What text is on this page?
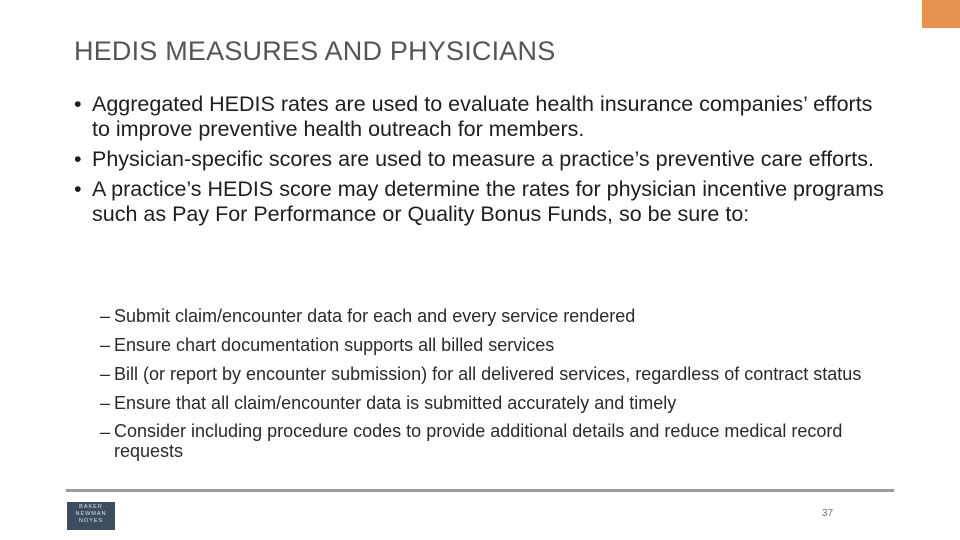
HEDIS MEASURES AND PHYSICIANS
• Aggregated HEDIS rates are used to evaluate health insurance companies’ efforts to improve preventive health outreach for members.
• Physician-specific scores are used to measure a practice’s preventive care efforts.
• A practice’s HEDIS score may determine the rates for physician incentive programs such as Pay For Performance or Quality Bonus Funds, so be sure to:
– Submit claim/encounter data for each and every service rendered
– Ensure chart documentation supports all billed services
– Bill (or report by encounter submission) for all delivered services, regardless of contract status
– Ensure that all claim/encounter data is submitted accurately and timely
– Consider including procedure codes to provide additional details and reduce medical record requests
BAKER
NEWMAN
NOYES
37
